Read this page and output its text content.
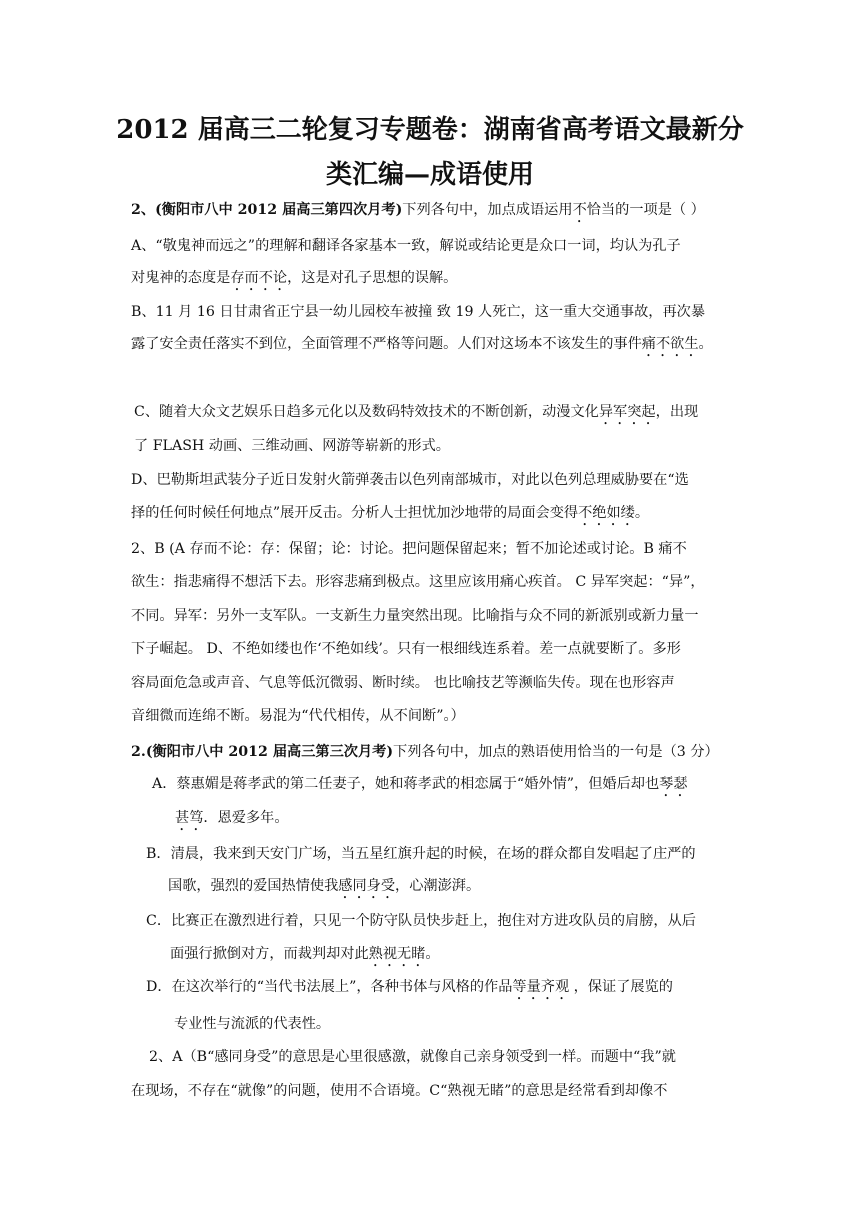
2012 届高三二轮复习专题卷：湖南省高考语文最新分
类汇编—成语使用
2、(衡阳市八中 2012 届高三第四次月考)下列各句中，加点成语运用不恰当的一项是（ ）
A、“敬鬼神而远之”的理解和翻译各家基本一致，解说或结论更是众口一词，均认为孔子
对鬼神的态度是存而不论，这是对孔子思想的误解。
B、11 月 16 日甘肃省正宁县一幼儿园校车被撞 致 19 人死亡，这一重大交通事故，再次暴
露了安全责任落实不到位，全面管理不严格等问题。人们对这场本不该发生的事件痛不欲生。
C、随着大众文艺娱乐日趋多元化以及数码特效技术的不断创新，动漫文化异军突起，出现
了 FLASH 动画、三维动画、网游等崭新的形式。
D、巴勒斯坦武装分子近日发射火箭弹袭击以色列南部城市，对此以色列总理威胁要在“选
择的任何时候任何地点”展开反击。分析人士担忧加沙地带的局面会变得不绝如缕。
2、B (A 存而不论：存：保留；论：讨论。把问题保留起来；暂不加论述或讨论。B 痛不
欲生：指悲痛得不想活下去。形容悲痛到极点。这里应该用痛心疾首。 C 异军突起：“异”，
不同。异军：另外一支军队。一支新生力量突然出现。比喻指与众不同的新派别或新力量一
下子崛起。 D、不绝如缕也作‘不绝如线’。只有一根细线连系着。差一点就要断了。多形
容局面危急或声音、气息等低沉微弱、断时续。 也比喻技艺等濒临失传。现在也形容声
音细微而连绵不断。易混为“代代相传，从不间断”。）
2.(衡阳市八中 2012 届高三第三次月考)下列各句中，加点的熟语使用恰当的一句是（3 分）
A．蔡惠媚是蒋孝武的第二任妻子，她和蒋孝武的相恋属于“婚外情”，但婚后却也琴瑟
甚笃．恩爱多年。
B．清晨，我来到天安门广场，当五星红旗升起的时候，在场的群众都自发唱起了庄严的
国歌，强烈的爱国热情使我感同身受，心潮澎湃。
C．比赛正在激烈进行着，只见一个防守队员快步赶上，抱住对方进攻队员的肩膀，从后
面强行掀倒对方，而裁判却对此熟视无睹。
D．在这次举行的“当代书法展上”，各种书体与风格的作品等量齐观 ，保证了展览的
专业性与流派的代表性。
2、A（B“感同身受”的意思是心里很感激，就像自己亲身领受到一样。而题中“我”就
在现场，不存在“就像”的问题，使用不合语境。C“熟视无睹”的意思是经常看到却像不
